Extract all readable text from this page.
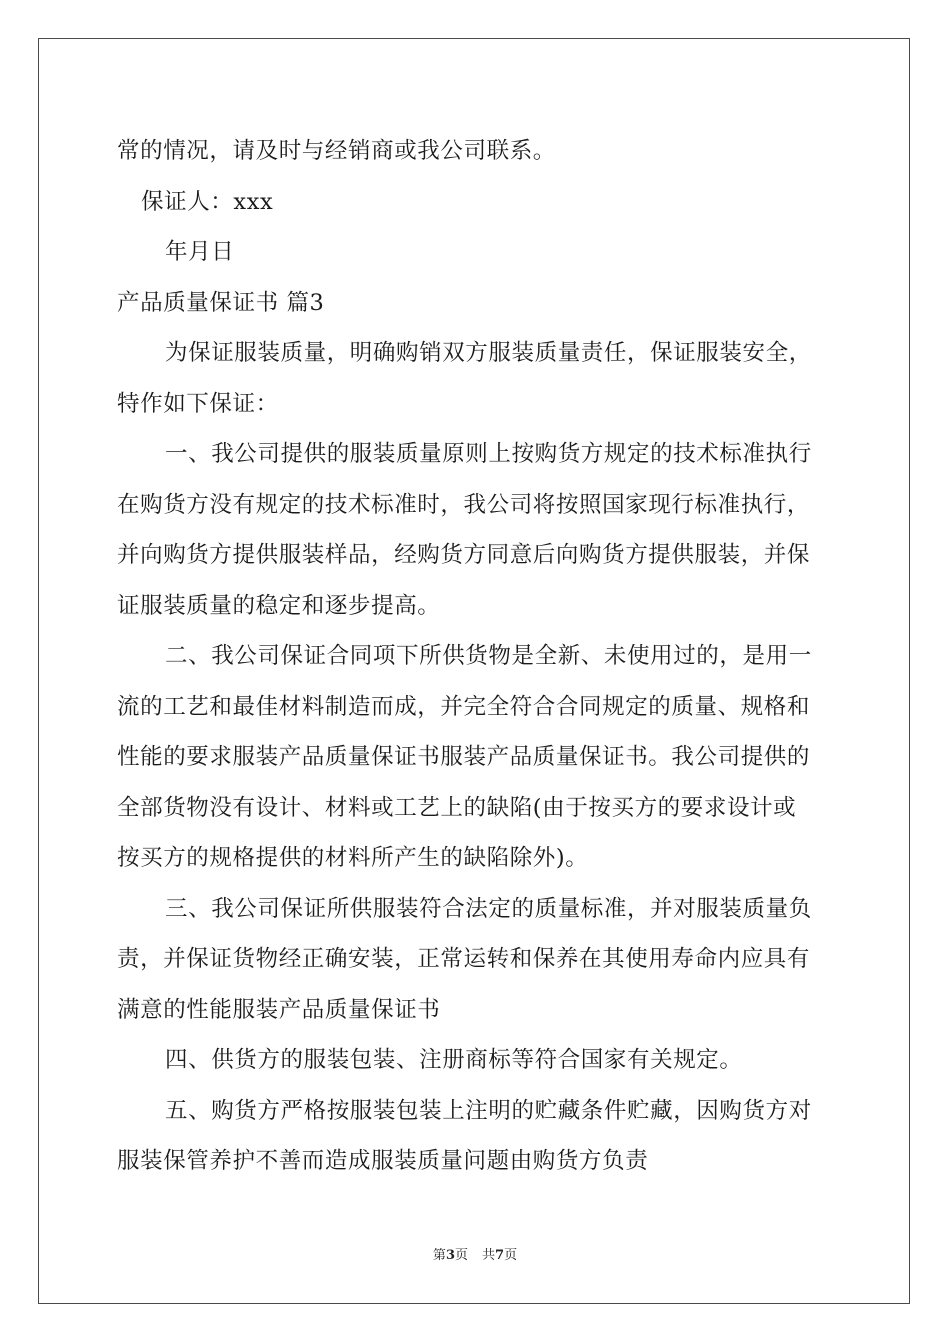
常的情况，请及时与经销商或我公司联系。
保证人：xxx
年月日
产品质量保证书 篇3
为保证服装质量，明确购销双方服装质量责任，保证服装安全，
特作如下保证：
一、我公司提供的服装质量原则上按购货方规定的技术标准执行
在购货方没有规定的技术标准时，我公司将按照国家现行标准执行，
并向购货方提供服装样品，经购货方同意后向购货方提供服装，并保
证服装质量的稳定和逐步提高。
二、我公司保证合同项下所供货物是全新、未使用过的，是用一
流的工艺和最佳材料制造而成，并完全符合合同规定的质量、规格和
性能的要求服装产品质量保证书服装产品质量保证书。我公司提供的
全部货物没有设计、材料或工艺上的缺陷(由于按买方的要求设计或
按买方的规格提供的材料所产生的缺陷除外)。
三、我公司保证所供服装符合法定的质量标准，并对服装质量负
责，并保证货物经正确安装，正常运转和保养在其使用寿命内应具有
满意的性能服装产品质量保证书
四、供货方的服装包装、注册商标等符合国家有关规定。
五、购货方严格按服装包装上注明的贮藏条件贮藏，因购货方对
服装保管养护不善而造成服装质量问题由购货方负责
第3页 共7页
